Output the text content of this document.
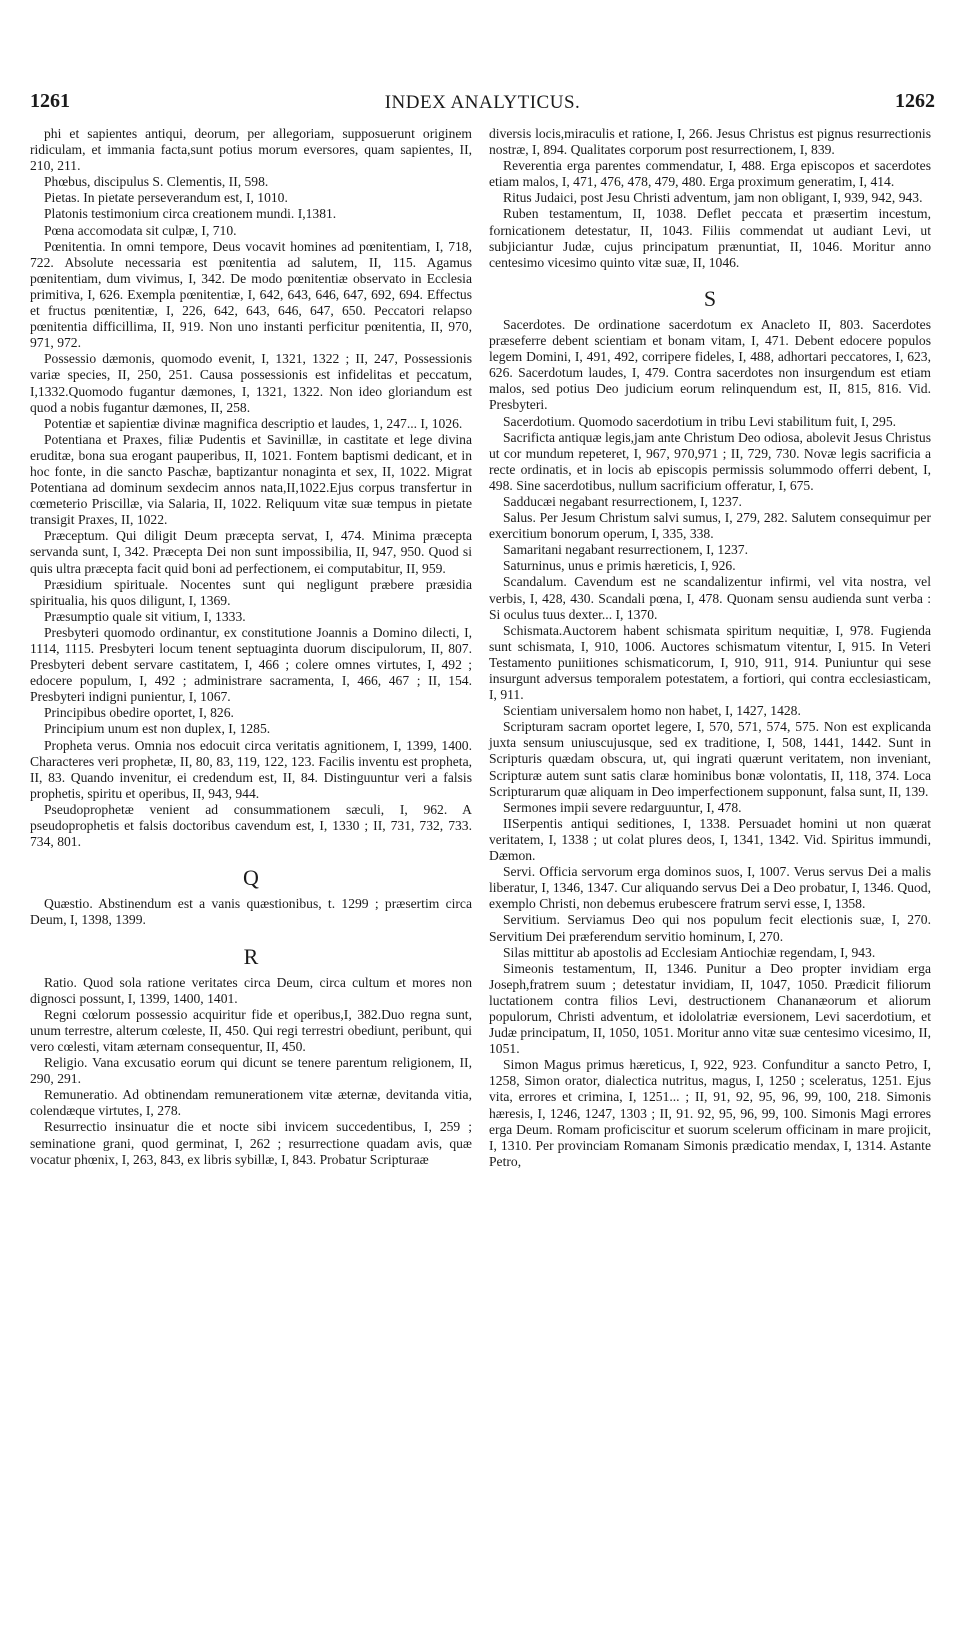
1261	INDEX ANALYTICUS.	1262

phi et sapientes antiqui, deorum, per allegoriam, supposuerunt originem ridiculam, et immania facta,sunt potius morum eversores, quam sapientes, II, 210, 211.

Phœbus, discipulus S. Clementis, II, 598.

Pietas. In pietate perseverandum est, I, 1010.

Platonis testimonium circa creationem mundi. I,1381.

Pœna accomodata sit culpæ, I, 710.

Pœnitentia. In omni tempore, Deus vocavit homines ad pœnitentiam, I, 718, 722. Absolute necessaria est pœnitentia ad salutem, II, 115. Agamus pœnitentiam, dum vivimus, I, 342. De modo pœnitentiæ observato in Ecclesia primitiva, I, 626. Exempla pœnitentiæ, I, 642, 643, 646, 647, 692, 694. Effectus et fructus pœnitentiæ, I, 226, 642, 643, 646, 647, 650. Peccatori relapso pœnitentia difficillima, II, 919. Non uno instanti perficitur pœnitentia, II, 970, 971, 972.

Possessio dæmonis, quomodo evenit, I, 1321, 1322 ; II, 247, Possessionis variæ species, II, 250, 251. Causa possessionis est infidelitas et peccatum, I,1332.Quomodo fugantur dæmones, I, 1321, 1322. Non ideo gloriandum est quod a nobis fugantur dæmones, II, 258.

Potentiæ et sapientiæ divinæ magnifica descriptio et laudes, 1, 247... I, 1026.

Potentiana et Praxes, filiæ Pudentis et Savinillæ, in castitate et lege divina eruditæ, bona sua erogant pauperibus, II, 1021. Fontem baptismi dedicant, et in hoc fonte, in die sancto Paschæ, baptizantur nonaginta et sex, II, 1022. Migrat Potentiana ad dominum sexdecim annos nata,II,1022.Ejus corpus transfertur in cœmeterio Priscillæ, via Salaria, II, 1022. Reliquum vitæ suæ tempus in pietate transigit Praxes, II, 1022.

Præceptum. Qui diligit Deum præcepta servat, I, 474. Minima præcepta servanda sunt, I, 342. Præcepta Dei non sunt impossibilia, II, 947, 950. Quod si quis ultra præcepta facit quid boni ad perfectionem, ei computabitur, II, 959.

Præsidium spirituale. Nocentes sunt qui negligunt præbere præsidia spiritualia, his quos diligunt, I, 1369.

Præsumptio quale sit vitium, I, 1333.

Presbyteri quomodo ordinantur, ex constitutione Joannis a Domino dilecti, I, 1114, 1115. Presbyteri locum tenent septuaginta duorum discipulorum, II, 807. Presbyteri debent servare castitatem, I, 466 ; colere omnes virtutes, I, 492 ; edocere populum, I, 492 ; administrare sacramenta, I, 466, 467 ; II, 154. Presbyteri indigni punientur, I, 1067.

Principibus obedire oportet, I, 826.

Principium unum est non duplex, I, 1285.

Propheta verus. Omnia nos edocuit circa veritatis agnitionem, I, 1399, 1400. Characteres veri prophetæ, II, 80, 83, 119, 122, 123. Facilis inventu est propheta, II, 83. Quando invenitur, ei credendum est, II, 84. Distinguuntur veri a falsis prophetis, spiritu et operibus, II, 943, 944.

Pseudoprophetæ venient ad consummationem sæculi, I, 962. A pseudoprophetis et falsis doctoribus cavendum est, I, 1330 ; II, 731, 732, 733. 734, 801.

Q

Quæstio. Abstinendum est a vanis quæstionibus, t. 1299 ; præsertim circa Deum, I, 1398, 1399.

R

Ratio. Quod sola ratione veritates circa Deum, circa cultum et mores non dignosci possunt, I, 1399, 1400, 1401.

Regni cœlorum possessio acquiritur fide et operibus,I, 382.Duo regna sunt, unum terrestre, alterum cœleste, II, 450. Qui regi terrestri obediunt, peribunt, qui vero cœlesti, vitam æternam consequentur, II, 450.

Religio. Vana excusatio eorum qui dicunt se tenere parentum religionem, II, 290, 291.

Remuneratio. Ad obtinendam remunerationem vitæ æternæ, devitanda vitia, colendæque virtutes, I, 278.

Resurrectio insinuatur die et nocte sibi invicem succedentibus, I, 259 ; seminatione grani, quod germinat, I, 262 ; resurrectione quadam avis, quæ vocatur phœnix, I, 263, 843, ex libris sybillæ, I, 843. Probatur Scripturaæ

diversis locis,miraculis et ratione, I, 266. Jesus Christus est pignus resurrectionis nostræ, I, 894. Qualitates corporum post resurrectionem, I, 839.

Reverentia erga parentes commendatur, I, 488. Erga episcopos et sacerdotes etiam malos, I, 471, 476, 478, 479, 480. Erga proximum generatim, I, 414.

Ritus Judaici, post Jesu Christi adventum, jam non obligant, I, 939, 942, 943.

Ruben testamentum, II, 1038. Deflet peccata et præsertim incestum, fornicationem detestatur, II, 1043. Filiis commendat ut audiant Levi, ut subjiciantur Judæ, cujus principatum prænuntiat, II, 1046. Moritur anno centesimo vicesimo quinto vitæ suæ, II, 1046.

S

Sacerdotes. De ordinatione sacerdotum ex Anacleto II, 803. Sacerdotes præseferre debent scientiam et bonam vitam, I, 471. Debent edocere populos legem Domini, I, 491, 492, corripere fideles, I, 488, adhortari peccatores, I, 623, 626. Sacerdotum laudes, I, 479. Contra sacerdotes non insurgendum est etiam malos, sed potius Deo judicium eorum relinquendum est, II, 815, 816. Vid. Presbyteri.

Sacerdotium. Quomodo sacerdotium in tribu Levi stabilitum fuit, I, 295.

Sacrificta antiquæ legis,jam ante Christum Deo odiosa, abolevit Jesus Christus ut cor mundum repeteret, I, 967, 970,971 ; II, 729, 730. Novæ legis sacrificia a recte ordinatis, et in locis ab episcopis permissis solummodo offerri debent, I, 498. Sine sacerdotibus, nullum sacrificium offeratur, I, 675.

Sadducæi negabant resurrectionem, I, 1237.

Salus. Per Jesum Christum salvi sumus, I, 279, 282. Salutem consequimur per exercitium bonorum operum, I, 335, 338.

Samaritani negabant resurrectionem, I, 1237.

Saturninus, unus e primis hæreticis, I, 926.

Scandalum. Cavendum est ne scandalizentur infirmi, vel vita nostra, vel verbis, I, 428, 430. Scandali pœna, I, 478. Quonam sensu audienda sunt verba : Si oculus tuus dexter... I, 1370.

Schismata.Auctorem habent schismata spiritum nequitiæ, I, 978. Fugienda sunt schismata, I, 910, 1006. Auctores schismatum vitentur, I, 915. In Veteri Testamento puniitiones schismaticorum, I, 910, 911, 914. Puniuntur qui sese insurgunt adversus temporalem potestatem, a fortiori, qui contra ecclesiasticam, I, 911.

Scientiam universalem homo non habet, I, 1427, 1428.

Scripturam sacram oportet legere, I, 570, 571, 574, 575. Non est explicanda juxta sensum uniuscujusque, sed ex traditione, I, 508, 1441, 1442. Sunt in Scripturis quædam obscura, ut, qui ingrati quærunt veritatem, non inveniant, Scripturæ autem sunt satis claræ hominibus bonæ volontatis, II, 118, 374. Loca Scripturarum quæ aliquam in Deo imperfectionem supponunt, falsa sunt, II, 139.

Sermones impii severe redarguuntur, I, 478.

IISerpentis antiqui seditiones, I, 1338. Persuadet homini ut non quærat veritatem, I, 1338 ; ut colat plures deos, I, 1341, 1342. Vid. Spiritus immundi, Dæmon.

Servi. Officia servorum erga dominos suos, I, 1007. Verus servus Dei a malis liberatur, I, 1346, 1347. Cur aliquando servus Dei a Deo probatur, I, 1346. Quod, exemplo Christi, non debemus erubescere fratrum servi esse, I, 1358.

Servitium. Serviamus Deo qui nos populum fecit electionis suæ, I, 270. Servitium Dei præferendum servitio hominum, I, 270.

Silas mittitur ab apostolis ad Ecclesiam Antiochiæ regendam, I, 943.

Simeonis testamentum, II, 1346. Punitur a Deo propter invidiam erga Joseph,fratrem suum ; detestatur invidiam, II, 1047, 1050. Prædicit filiorum luctationem contra filios Levi, destructionem Chananæorum et aliorum populorum, Christi adventum, et idololatriæ eversionem, Levi sacerdotium, et Judæ principatum, II, 1050, 1051. Moritur anno vitæ suæ centesimo vicesimo, II, 1051.

Simon Magus primus hæreticus, I, 922, 923. Confunditur a sancto Petro, I, 1258, Simon orator, dialectica nutritus, magus, I, 1250 ; sceleratus, 1251. Ejus vita, errores et crimina, I, 1251... ; II, 91, 92, 95, 96, 99, 100, 218. Simonis hæresis, I, 1246, 1247, 1303 ; II, 91. 92, 95, 96, 99, 100. Simonis Magi errores erga Deum. Romam proficiscitur et suorum scelerum officinam in mare projicit, I, 1310. Per provinciam Romanam Simonis prædicatio mendax, I, 1314. Astante Petro,
